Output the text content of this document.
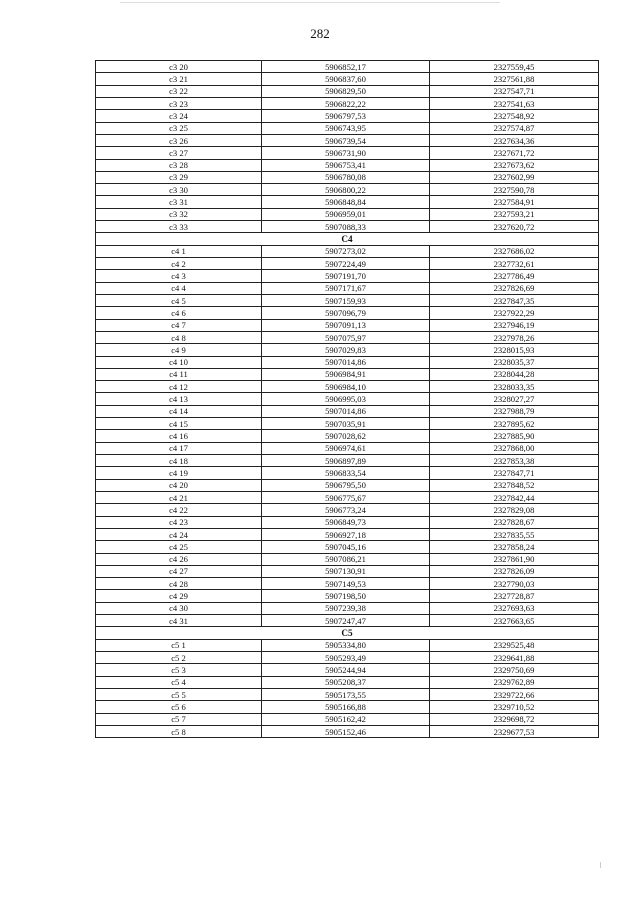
282
с3 20	5906852,17	2327559,45
с3 21	5906837,60	2327561,88
с3 22	5906829,50	2327547,71
с3 23	5906822,22	2327541,63
с3 24	5906797,53	2327548,92
с3 25	5906743,95	2327574,87
с3 26	5906739,54	2327634,36
с3 27	5906731,90	2327671,72
с3 28	5906753,41	2327673,62
с3 29	5906780,08	2327602,99
с3 30	5906800,22	2327590,78
с3 31	5906848,84	2327584,91
с3 32	5906959,01	2327593,21
с3 33	5907088,33	2327620,72
С4		
с4 1	5907273,02	2327686,02
с4 2	5907224,49	2327732,61
с4 3	5907191,70	2327786,49
с4 4	5907171,67	2327826,69
с4 5	5907159,93	2327847,35
с4 6	5907096,79	2327922,29
с4 7	5907091,13	2327946,19
с4 8	5907075,97	2327978,26
с4 9	5907029,83	2328015,93
с4 10	5907014,86	2328035,37
с4 11	5906984,91	2328044,28
с4 12	5906984,10	2328033,35
с4 13	5906995,03	2328027,27
с4 14	5907014,86	2327988,79
с4 15	5907035,91	2327895,62
с4 16	5907028,62	2327885,90
с4 17	5906974,61	2327868,00
с4 18	5906897,89	2327853,38
с4 19	5906833,54	2327847,71
с4 20	5906795,50	2327848,52
с4 21	5906775,67	2327842,44
с4 22	5906773,24	2327829,08
с4 23	5906849,73	2327828,67
с4 24	5906927,18	2327835,55
с4 25	5907045,16	2327858,24
с4 26	5907086,21	2327861,90
с4 27	5907130,91	2327826,09
с4 28	5907149,53	2327790,03
с4 29	5907198,50	2327728,87
с4 30	5907239,38	2327693,63
с4 31	5907247,47	2327663,65
С5		
с5 1	5905334,80	2329525,48
с5 2	5905293,49	2329641,88
с5 3	5905244,94	2329750,69
с5 4	5905208,37	2329762,89
с5 5	5905173,55	2329722,66
с5 6	5905166,88	2329710,52
с5 7	5905162,42	2329698,72
с5 8	5905152,46	2329677,53
